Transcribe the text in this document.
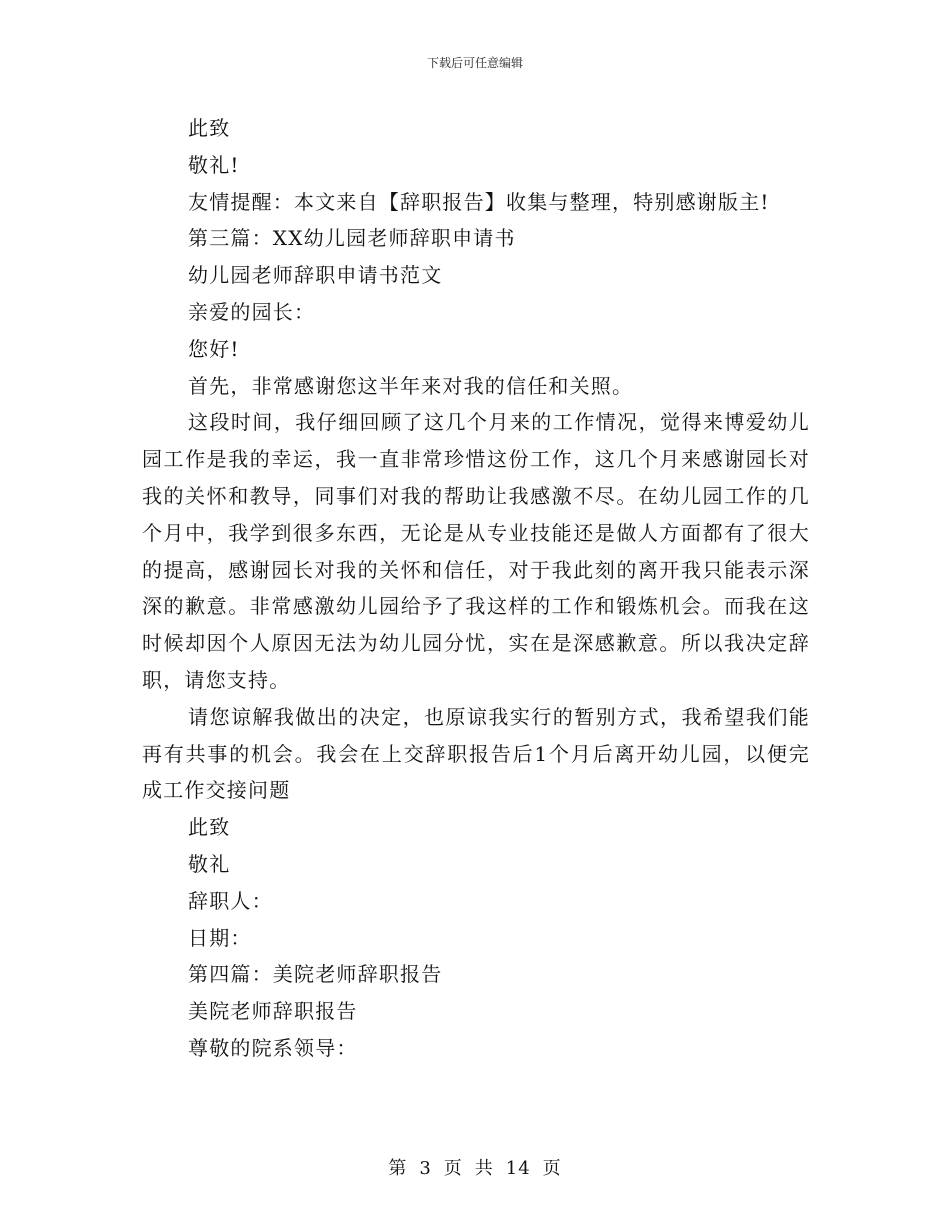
下载后可任意编辑
此致
敬礼!
友情提醒：本文来自【辞职报告】收集与整理，特别感谢版主!
第三篇：XX幼儿园老师辞职申请书
幼儿园老师辞职申请书范文
亲爱的园长：
您好!
首先，非常感谢您这半年来对我的信任和关照。
这段时间，我仔细回顾了这几个月来的工作情况，觉得来博爱幼儿园工作是我的幸运，我一直非常珍惜这份工作，这几个月来感谢园长对我的关怀和教导，同事们对我的帮助让我感激不尽。在幼儿园工作的几个月中，我学到很多东西，无论是从专业技能还是做人方面都有了很大的提高，感谢园长对我的关怀和信任，对于我此刻的离开我只能表示深深的歉意。非常感激幼儿园给予了我这样的工作和锻炼机会。而我在这时候却因个人原因无法为幼儿园分忧，实在是深感歉意。所以我决定辞职，请您支持。
请您谅解我做出的决定，也原谅我实行的暂别方式，我希望我们能再有共事的机会。我会在上交辞职报告后1个月后离开幼儿园，以便完成工作交接问题
此致
敬礼
辞职人：
日期：
第四篇：美院老师辞职报告
美院老师辞职报告
尊敬的院系领导：
第 3 页 共 14 页
